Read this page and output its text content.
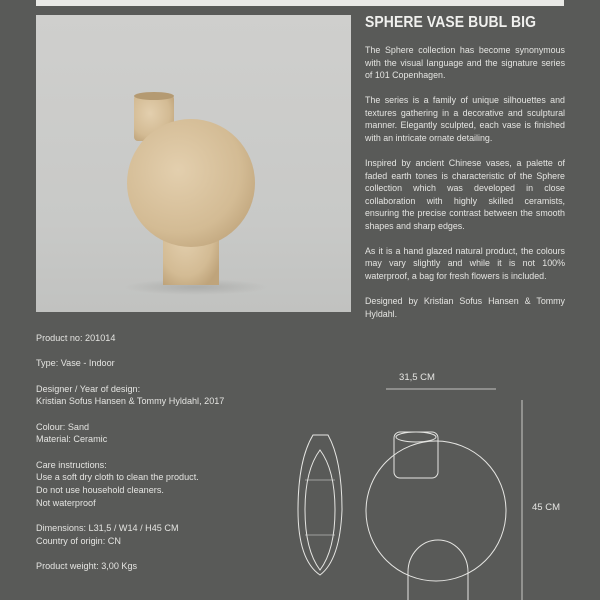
SPHERE VASE BUBL BIG

The Sphere collection has become synonymous with the visual language and the signature series of 101 Copenhagen.

The series is a family of unique silhouettes and textures gathering in a decorative and sculptural manner. Elegantly sculpted, each vase is finished with an intricate ornate detailing.

Inspired by ancient Chinese vases, a palette of faded earth tones is characteristic of the Sphere collection which was developed in close collaboration with highly skilled ceramists, ensuring the precise contrast between the smooth shapes and sharp edges.

As it is a hand glazed natural product, the colours may vary slightly and while it is not 100% waterproof, a bag for fresh flowers is included.

Designed by Kristian Sofus Hansen & Tommy Hyldahl.

Product no: 201014
Type: Vase - Indoor
Designer / Year of design:
Kristian Sofus Hansen & Tommy Hyldahl, 2017
Colour: Sand
Material: Ceramic
Care instructions:
Use a soft dry cloth to clean the product.
Do not use household cleaners.
Not waterproof
Dimensions: L31,5 / W14 / H45 CM
Country of origin: CN
Product weight: 3,00 Kgs
31,5 CM
45 CM
